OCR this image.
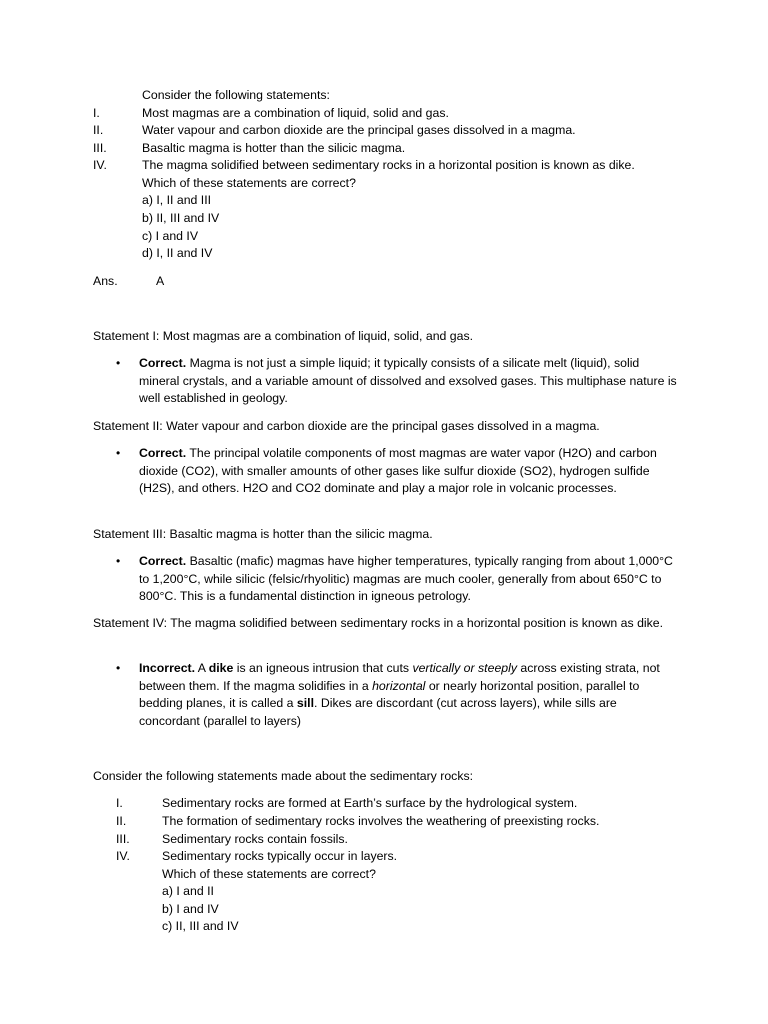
Consider the following statements:
I.	Most magmas are a combination of liquid, solid and gas.
II.	Water vapour and carbon dioxide are the principal gases dissolved in a magma.
III.	Basaltic magma is hotter than the silicic magma.
IV.	The magma solidified between sedimentary rocks in a horizontal position is known as dike.
Which of these statements are correct?
a) I, II and III
b) II, III and IV
c) I and IV
d) I, II and IV
Ans.	A
Statement I: Most magmas are a combination of liquid, solid, and gas.
• Correct. Magma is not just a simple liquid; it typically consists of a silicate melt (liquid), solid mineral crystals, and a variable amount of dissolved and exsolved gases. This multiphase nature is well established in geology.
Statement II: Water vapour and carbon dioxide are the principal gases dissolved in a magma.
• Correct. The principal volatile components of most magmas are water vapor (H2O) and carbon dioxide (CO2), with smaller amounts of other gases like sulfur dioxide (SO2), hydrogen sulfide (H2S), and others. H2O and CO2 dominate and play a major role in volcanic processes.
Statement III: Basaltic magma is hotter than the silicic magma.
• Correct. Basaltic (mafic) magmas have higher temperatures, typically ranging from about 1,000°C to 1,200°C, while silicic (felsic/rhyolitic) magmas are much cooler, generally from about 650°C to 800°C. This is a fundamental distinction in igneous petrology.
Statement IV: The magma solidified between sedimentary rocks in a horizontal position is known as dike.
• Incorrect. A dike is an igneous intrusion that cuts vertically or steeply across existing strata, not between them. If the magma solidifies in a horizontal or nearly horizontal position, parallel to bedding planes, it is called a sill. Dikes are discordant (cut across layers), while sills are concordant (parallel to layers)
Consider the following statements made about the sedimentary rocks:
I.	Sedimentary rocks are formed at Earth’s surface by the hydrological system.
II.	The formation of sedimentary rocks involves the weathering of preexisting rocks.
III.	Sedimentary rocks contain fossils.
IV.	Sedimentary rocks typically occur in layers.
Which of these statements are correct?
a) I and II
b) I and IV
c) II, III and IV
